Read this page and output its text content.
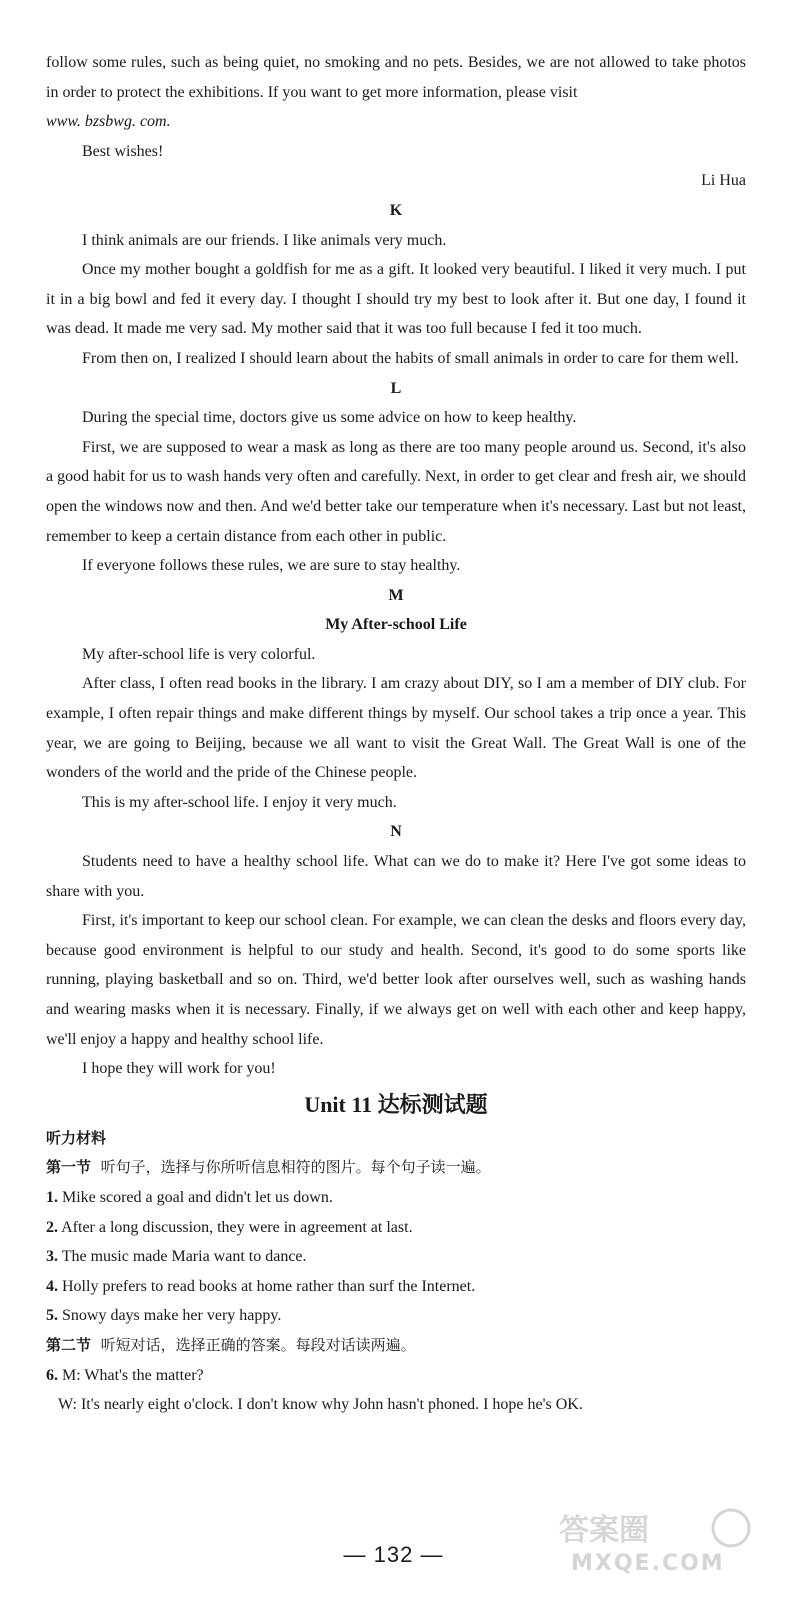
follow some rules, such as being quiet, no smoking and no pets. Besides, we are not allowed to take photos in order to protect the exhibitions. If you want to get more information, please visit
www. bzsbwg. com.

Best wishes!

Li Hua

K

I think animals are our friends. I like animals very much.

Once my mother bought a goldfish for me as a gift. It looked very beautiful. I liked it very much. I put it in a big bowl and fed it every day. I thought I should try my best to look after it. But one day, I found it was dead. It made me very sad. My mother said that it was too full because I fed it too much.

From then on, I realized I should learn about the habits of small animals in order to care for them well.

L

During the special time, doctors give us some advice on how to keep healthy.

First, we are supposed to wear a mask as long as there are too many people around us. Second, it's also a good habit for us to wash hands very often and carefully. Next, in order to get clear and fresh air, we should open the windows now and then. And we'd better take our temperature when it's necessary. Last but not least, remember to keep a certain distance from each other in public.

If everyone follows these rules, we are sure to stay healthy.

M

My After-school Life

My after-school life is very colorful.

After class, I often read books in the library. I am crazy about DIY, so I am a member of DIY club. For example, I often repair things and make different things by myself. Our school takes a trip once a year. This year, we are going to Beijing, because we all want to visit the Great Wall. The Great Wall is one of the wonders of the world and the pride of the Chinese people.

This is my after-school life. I enjoy it very much.

N

Students need to have a healthy school life. What can we do to make it? Here I've got some ideas to share with you.

First, it's important to keep our school clean. For example, we can clean the desks and floors every day, because good environment is helpful to our study and health. Second, it's good to do some sports like running, playing basketball and so on. Third, we'd better look after ourselves well, such as washing hands and wearing masks when it is necessary. Finally, if we always get on well with each other and keep happy, we'll enjoy a happy and healthy school life.

I hope they will work for you!

Unit 11 达标测试题

听力材料

第一节 听句子，选择与你所听信息相符的图片。每个句子读一遍。

1. Mike scored a goal and didn't let us down.

2. After a long discussion, they were in agreement at last.

3. The music made Maria want to dance.

4. Holly prefers to read books at home rather than surf the Internet.

5. Snowy days make her very happy.

第二节 听短对话，选择正确的答案。每段对话读两遍。

6. M: What's the matter?

W: It's nearly eight o'clock. I don't know why John hasn't phoned. I hope he's OK.

— 132 —
答案圈
MXQE.COM
